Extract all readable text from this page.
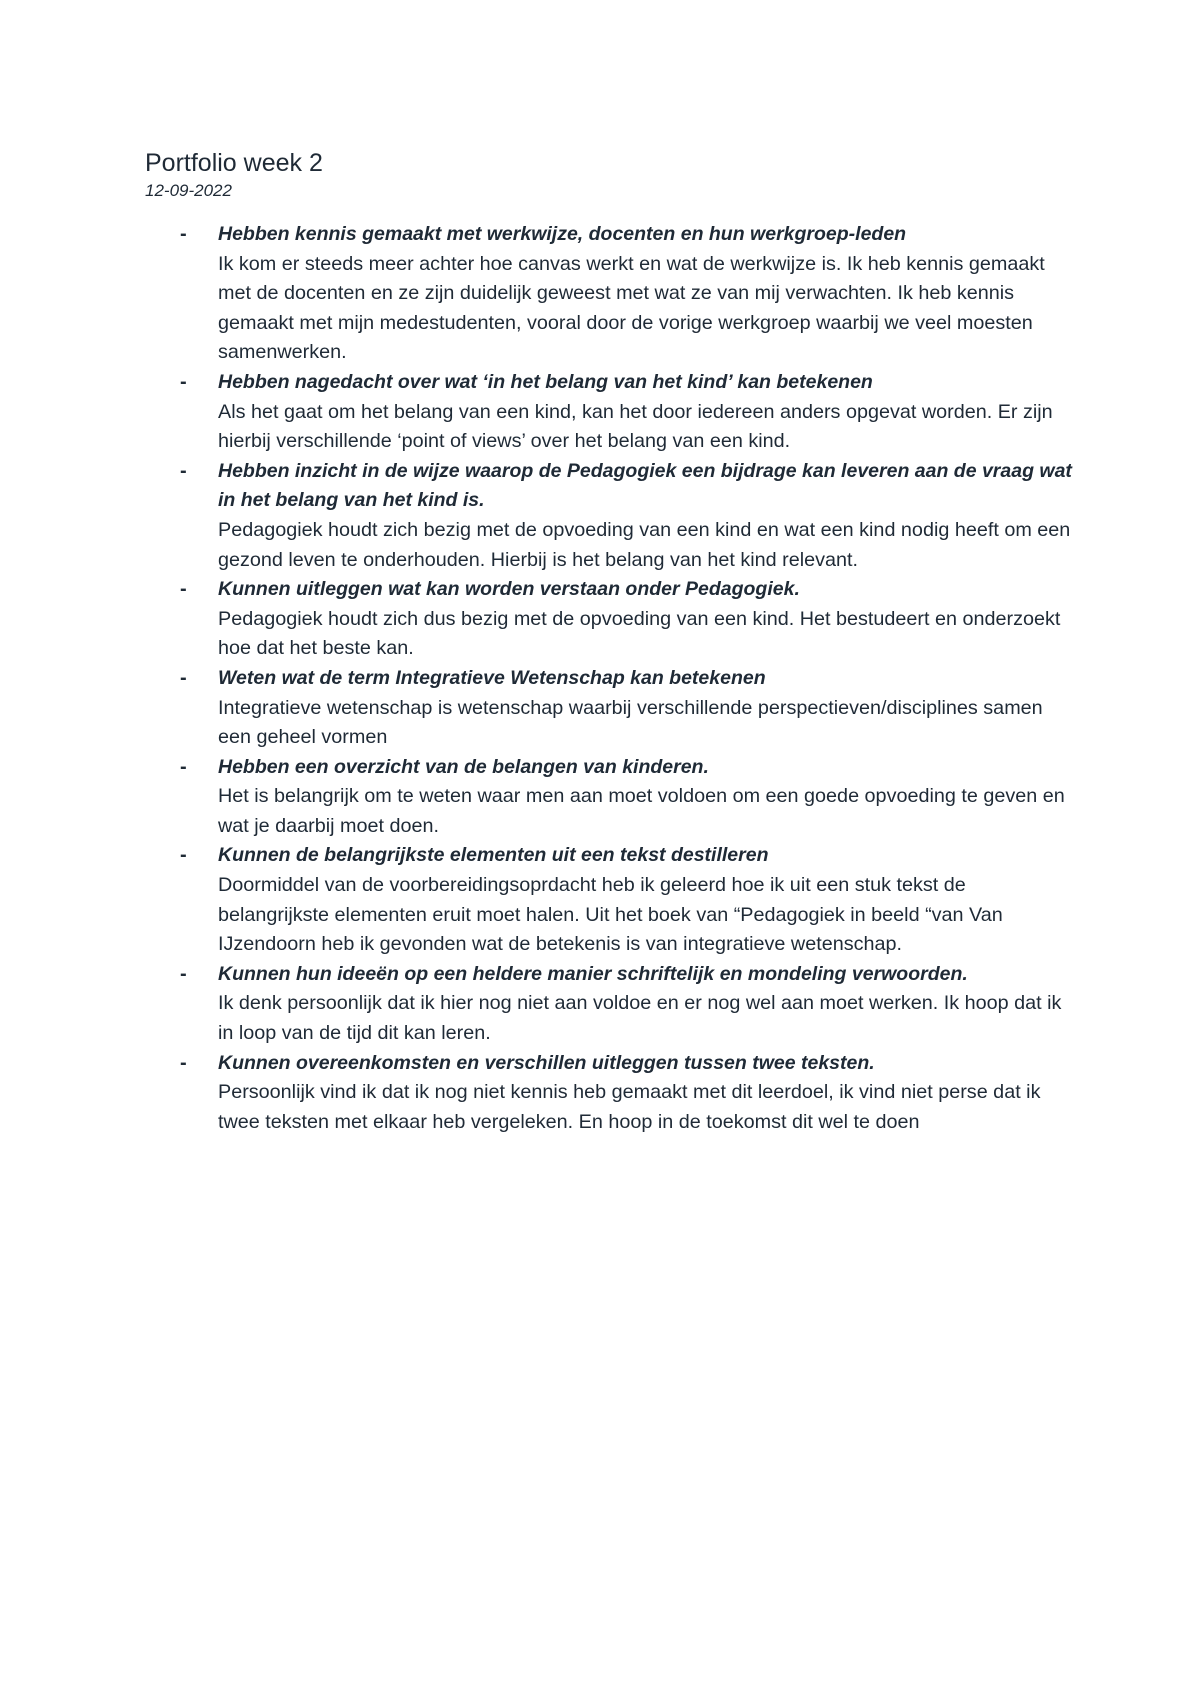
Portfolio week 2
12-09-2022
- Hebben kennis gemaakt met werkwijze, docenten en hun werkgroep-leden
Ik kom er steeds meer achter hoe canvas werkt en wat de werkwijze is. Ik heb kennis gemaakt met de docenten en ze zijn duidelijk geweest met wat ze van mij verwachten. Ik heb kennis gemaakt met mijn medestudenten, vooral door de vorige werkgroep waarbij we veel moesten samenwerken.
- Hebben nagedacht over wat ‘in het belang van het kind’ kan betekenen
Als het gaat om het belang van een kind, kan het door iedereen anders opgevat worden. Er zijn hierbij verschillende ‘point of views’ over het belang van een kind.
- Hebben inzicht in de wijze waarop de Pedagogiek een bijdrage kan leveren aan de vraag wat in het belang van het kind is.
Pedagogiek houdt zich bezig met de opvoeding van een kind en wat een kind nodig heeft om een gezond leven te onderhouden. Hierbij is het belang van het kind relevant.
- Kunnen uitleggen wat kan worden verstaan onder Pedagogiek.
Pedagogiek houdt zich dus bezig met de opvoeding van een kind. Het bestudeert en onderzoekt hoe dat het beste kan.
- Weten wat de term Integratieve Wetenschap kan betekenen
Integratieve wetenschap is wetenschap waarbij verschillende perspectieven/disciplines samen een geheel vormen
- Hebben een overzicht van de belangen van kinderen.
Het is belangrijk om te weten waar men aan moet voldoen om een goede opvoeding te geven en wat je daarbij moet doen.
- Kunnen de belangrijkste elementen uit een tekst destilleren
Doormiddel van de voorbereidingsoprdacht heb ik geleerd hoe ik uit een stuk tekst de belangrijkste elementen eruit moet halen. Uit het boek van “Pedagogiek in beeld “van Van IJzendoorn heb ik gevonden wat de betekenis is van integratieve wetenschap.
- Kunnen hun ideeën op een heldere manier schriftelijk en mondeling verwoorden.
Ik denk persoonlijk dat ik hier nog niet aan voldoe en er nog wel aan moet werken. Ik hoop dat ik in loop van de tijd dit kan leren.
- Kunnen overeenkomsten en verschillen uitleggen tussen twee teksten.
Persoonlijk vind ik dat ik nog niet kennis heb gemaakt met dit leerdoel, ik vind niet perse dat ik twee teksten met elkaar heb vergeleken. En hoop in de toekomst dit wel te doen
